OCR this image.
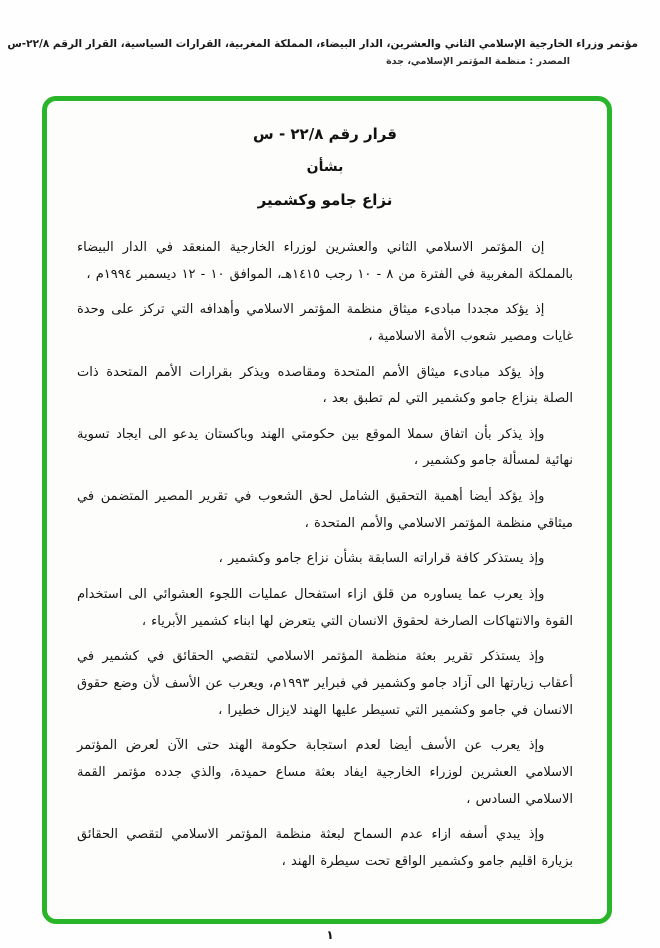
مؤتمر وزراء الخارجية الإسلامي الثاني والعشرين، الدار البيضاء، المملكة المغربية، القرارات السياسية، القرار الرقم ٢٢/٨-س
المصدر : منظمة المؤتمر الإسلامي، جدة
قرار رقم ٢٢/٨ - س
بشأن
نزاع جامو وكشمير

إن المؤتمر الاسلامي الثاني والعشرين لوزراء الخارجية المنعقد في الدار البيضاء بالمملكة المغربية في الفترة من ٨ - ١٠ رجب ١٤١٥هـ، الموافق ١٠ - ١٢ ديسمبر ١٩٩٤م ،

إذ يؤكد مجددا مبادىء ميثاق منظمة المؤتمر الاسلامي وأهدافه التي تركز على وحدة غايات ومصير شعوب الأمة الاسلامية ،

وإذ يؤكد مبادىء ميثاق الأمم المتحدة ومقاصده ويذكر بقرارات الأمم المتحدة ذات الصلة بنزاع جامو وكشمير التي لم تطبق بعد ،

وإذ يذكر بأن اتفاق سملا الموقع بين حكومتي الهند وباكستان يدعو الى ايجاد تسوية نهائية لمسألة جامو وكشمير ،

وإذ يؤكد أيضا أهمية التحقيق الشامل لحق الشعوب في تقرير المصير المتضمن في ميثاقي منظمة المؤتمر الاسلامي والأمم المتحدة ،

وإذ يستذكر كافة قراراته السابقة بشأن نزاع جامو وكشمير ،

وإذ يعرب عما يساوره من قلق ازاء استفحال عمليات اللجوء العشوائي الى استخدام القوة والانتهاكات الصارخة لحقوق الانسان التي يتعرض لها ابناء كشمير الأبرياء ،

وإذ يستذكر تقرير بعثة منظمة المؤتمر الاسلامي لتقصي الحقائق في كشمير في أعقاب زيارتها الى آزاد جامو وكشمير في فبراير ١٩٩٣م، ويعرب عن الأسف لأن وضع حقوق الانسان في جامو وكشمير التي تسيطر عليها الهند لايزال خطيرا ،

وإذ يعرب عن الأسف أيضا لعدم استجابة حكومة الهند حتى الآن لعرض المؤتمر الاسلامي العشرين لوزراء الخارجية ايفاد بعثة مساع حميدة، والذي جدده مؤتمر القمة الاسلامي السادس ،

وإذ يبدي أسفه ازاء عدم السماح لبعثة منظمة المؤتمر الاسلامي لتقصي الحقائق بزيارة اقليم جامو وكشمير الواقع تحت سيطرة الهند ،

١
